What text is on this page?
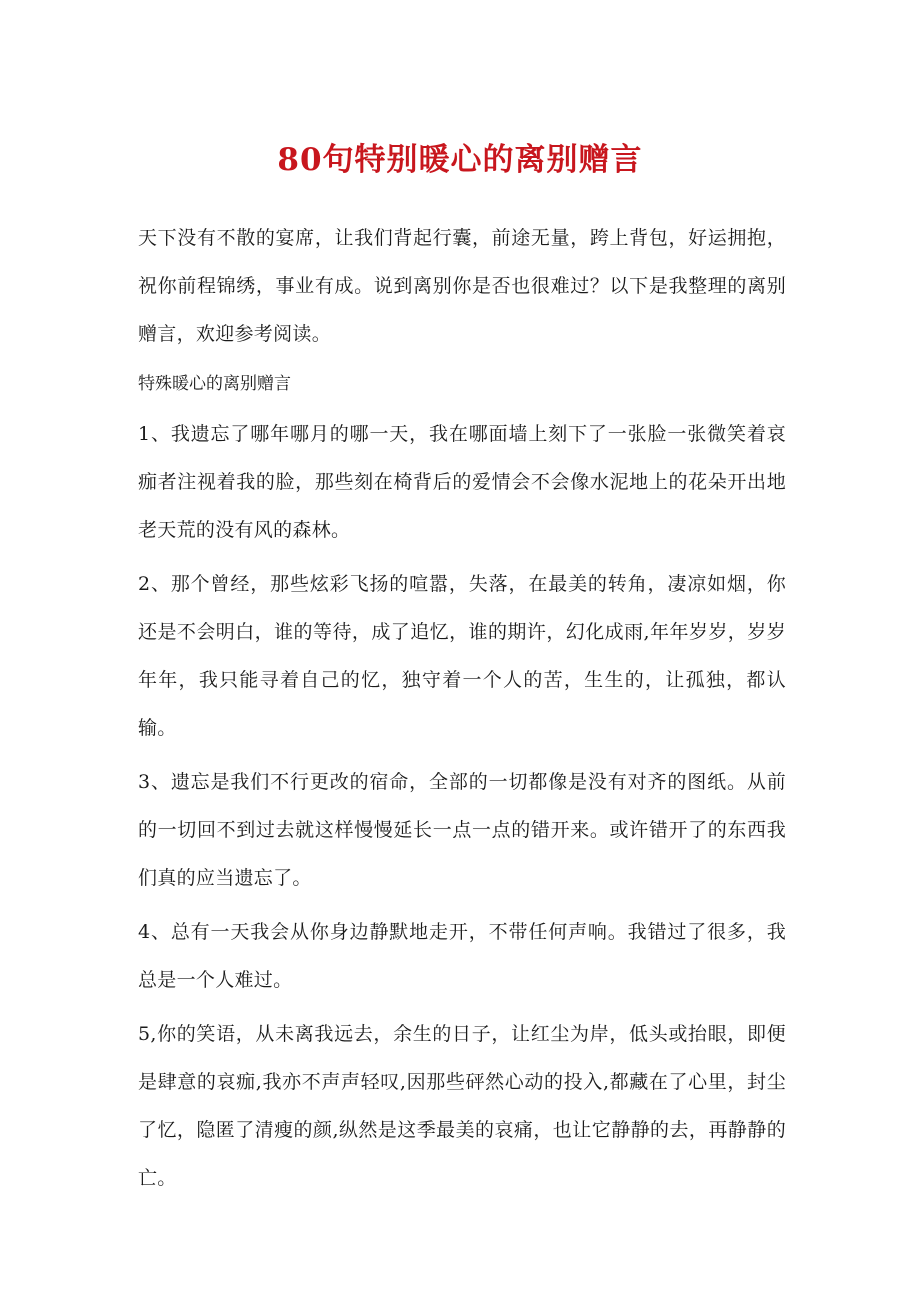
80句特别暖心的离别赠言

天下没有不散的宴席，让我们背起行囊，前途无量，跨上背包，好运拥抱，祝你前程锦绣，事业有成。说到离别你是否也很难过？以下是我整理的离别赠言，欢迎参考阅读。

特殊暖心的离别赠言

1、我遗忘了哪年哪月的哪一天，我在哪面墙上刻下了一张脸一张微笑着哀痂者注视着我的脸，那些刻在椅背后的爱情会不会像水泥地上的花朵开出地老天荒的没有风的森林。

2、那个曾经，那些炫彩飞扬的喧嚣，失落，在最美的转角，凄凉如烟，你还是不会明白，谁的等待，成了追忆，谁的期许，幻化成雨,年年岁岁，岁岁年年，我只能寻着自己的忆，独守着一个人的苦，生生的，让孤独，都认输。

3、遗忘是我们不行更改的宿命，全部的一切都像是没有对齐的图纸。从前的一切回不到过去就这样慢慢延长一点一点的错开来。或许错开了的东西我们真的应当遗忘了。

4、总有一天我会从你身边静默地走开，不带任何声响。我错过了很多，我总是一个人难过。

5,你的笑语，从未离我远去，余生的日子，让红尘为岸，低头或抬眼，即便是肆意的哀痂,我亦不声声轻叹,因那些砰然心动的投入,都藏在了心里，封尘了忆，隐匿了清瘦的颜,纵然是这季最美的哀痛，也让它静静的去，再静静的亡。
